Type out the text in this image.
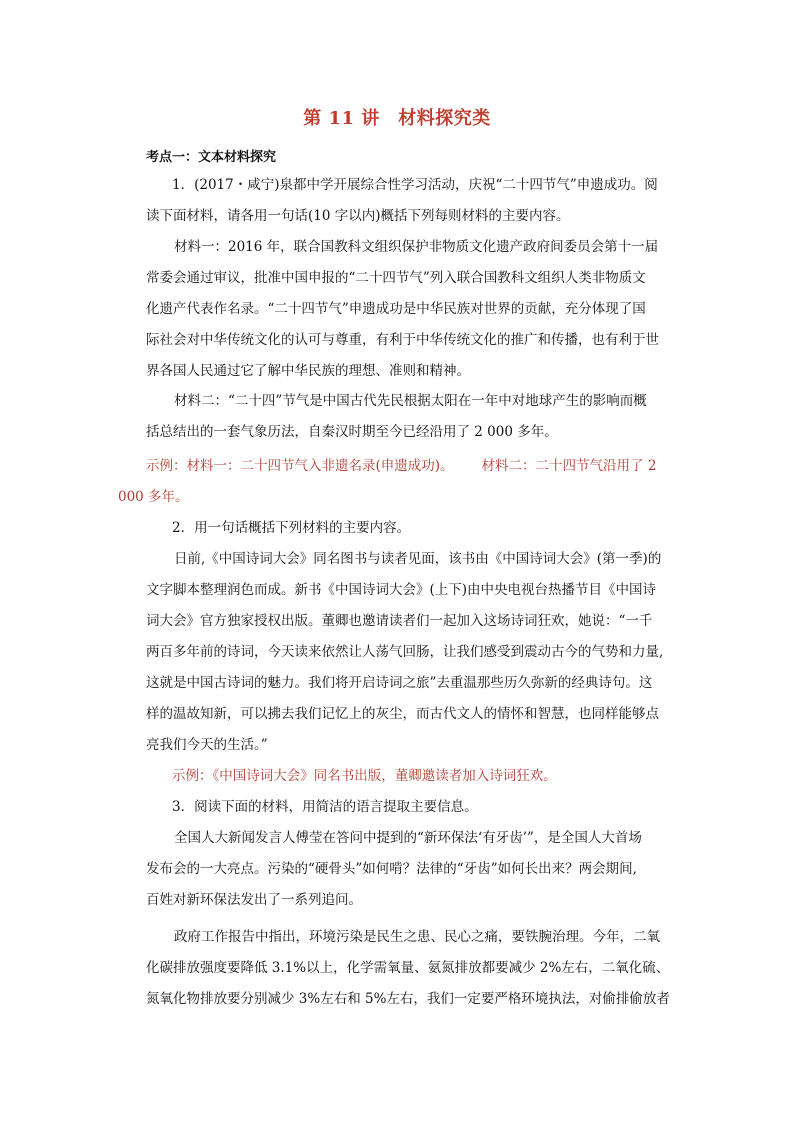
第 11 讲　材料探究类
考点一：文本材料探究
1．(2017・咸宁)泉都中学开展综合性学习活动，庆祝“二十四节气”申遗成功。阅
读下面材料，请各用一句话(10 字以内)概括下列每则材料的主要内容。
材料一：2016 年，联合国教科文组织保护非物质文化遗产政府间委员会第十一届
常委会通过审议，批准中国申报的“二十四节气”列入联合国教科文组织人类非物质文
化遗产代表作名录。“二十四节气”申遗成功是中华民族对世界的贡献，充分体现了国
际社会对中华传统文化的认可与尊重，有利于中华传统文化的推广和传播，也有利于世
界各国人民通过它了解中华民族的理想、准则和精神。
材料二：“二十四”节气是中国古代先民根据太阳在一年中对地球产生的影响而概
括总结出的一套气象历法，自秦汉时期至今已经沿用了 2 000 多年。
示例：材料一：二十四节气入非遗名录(申遗成功)。 材料二：二十四节气沿用了 2
000 多年。
2．用一句话概括下列材料的主要内容。
日前,《中国诗词大会》同名图书与读者见面，该书由《中国诗词大会》(第一季)的
文字脚本整理润色而成。新书《中国诗词大会》(上下)由中央电视台热播节目《中国诗
词大会》官方独家授权出版。董卿也邀请读者们一起加入这场诗词狂欢，她说：“一千
两百多年前的诗词，今天读来依然让人荡气回肠，让我们感受到震动古今的气势和力量,
这就是中国古诗词的魅力。我们将开启诗词之旅”去重温那些历久弥新的经典诗句。这
样的温故知新，可以拂去我们记忆上的灰尘，而古代文人的情怀和智慧，也同样能够点
亮我们今天的生活。”
示例：《中国诗词大会》同名书出版，董卿邀读者加入诗词狂欢。
3．阅读下面的材料，用简洁的语言提取主要信息。
全国人大新闻发言人傅莹在答问中提到的“新环保法‘有牙齿’”，是全国人大首场
发布会的一大亮点。污染的“硬骨头”如何啃？法律的“牙齿”如何长出来？两会期间,
百姓对新环保法发出了一系列追问。
政府工作报告中指出，环境污染是民生之患、民心之痛，要铁腕治理。今年，二氧
化碳排放强度要降低 3.1%以上，化学需氧量、氨氮排放都要减少 2%左右，二氧化硫、
氮氧化物排放要分别减少 3%左右和 5%左右，我们一定要严格环境执法，对偷排偷放者
